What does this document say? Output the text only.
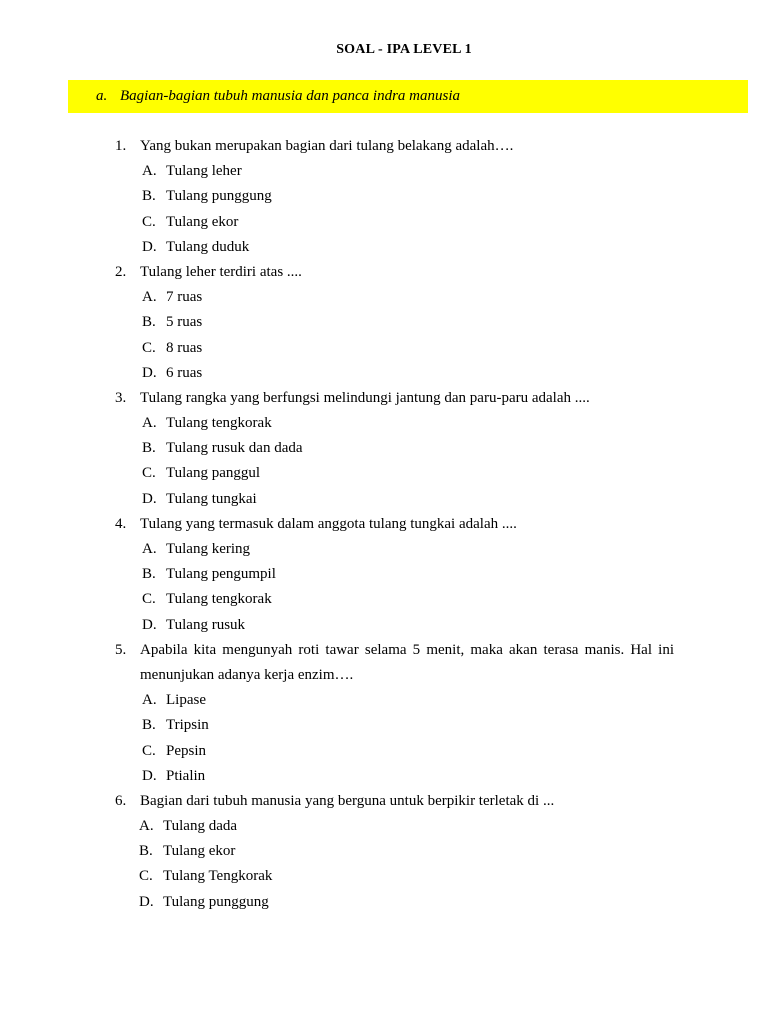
SOAL - IPA LEVEL 1
a. Bagian-bagian tubuh manusia dan panca indra manusia
1. Yang bukan merupakan bagian dari tulang belakang adalah….
A. Tulang leher
B. Tulang punggung
C. Tulang ekor
D. Tulang duduk
2. Tulang leher terdiri atas ....
A. 7 ruas
B. 5 ruas
C. 8 ruas
D. 6 ruas
3. Tulang rangka yang berfungsi melindungi jantung dan paru-paru adalah ....
A. Tulang tengkorak
B. Tulang rusuk dan dada
C. Tulang panggul
D. Tulang tungkai
4. Tulang yang termasuk dalam anggota tulang tungkai adalah ....
A. Tulang kering
B. Tulang pengumpil
C. Tulang tengkorak
D. Tulang rusuk
5. Apabila kita mengunyah roti tawar selama 5 menit, maka akan terasa manis. Hal ini
menunjukan adanya kerja enzim….
A. Lipase
B. Tripsin
C. Pepsin
D. Ptialin
6. Bagian dari tubuh manusia yang berguna untuk berpikir terletak di ...
A. Tulang dada
B. Tulang ekor
C. Tulang Tengkorak
D. Tulang punggung
